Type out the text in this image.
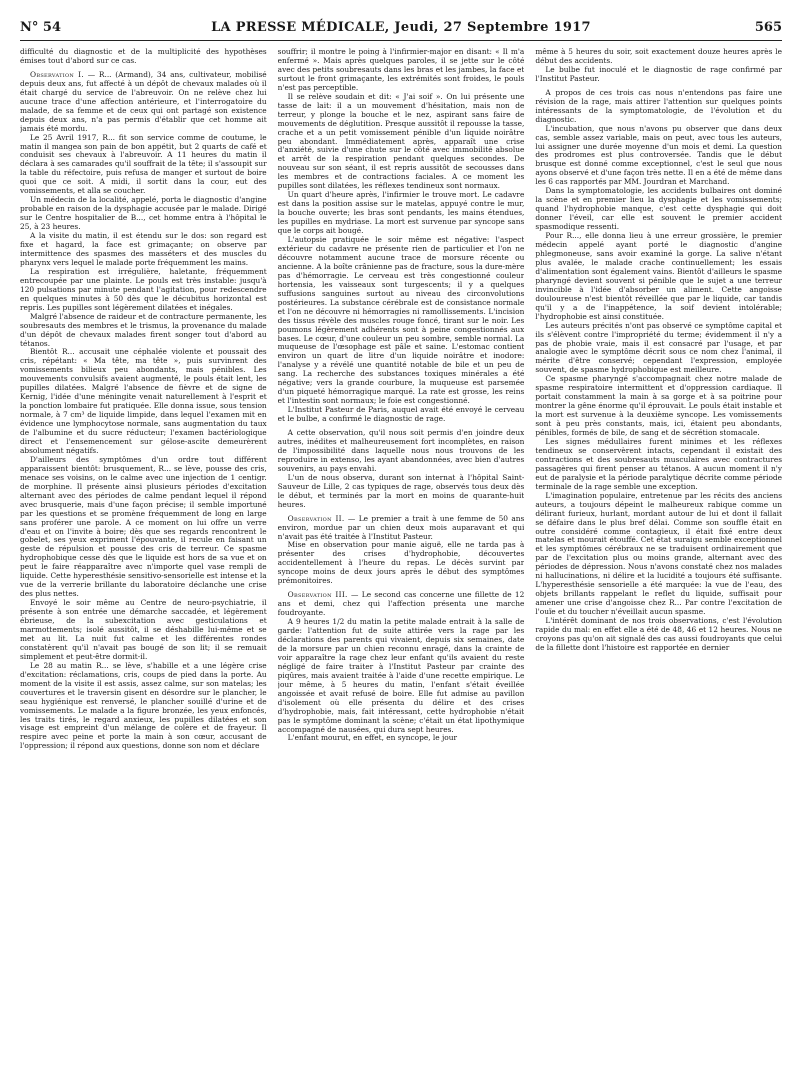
N° 54	LA PRESSE MÉDICALE, Jeudi, 27 Septembre 1917	565

difficulté du diagnostic et de la multiplicité des hypothèses émises tout d'abord sur ce cas.

Observation I. — R... (Armand), 34 ans, cultivateur, mobilisé depuis deux ans, fut affecté à un dépôt de chevaux malades où il était chargé du service de l'abreuvoir. On ne relève chez lui aucune trace d'une affection antérieure, et l'interrogatoire du malade, de sa femme et de ceux qui ont partagé son existence depuis deux ans, n'a pas permis d'établir que cet homme ait jamais été mordu.

Le 25 Avril 1917, R... fit son service comme de coutume, le matin il mangea son pain de bon appétit, but 2 quarts de café et conduisit ses chevaux à l'abreuvoir. A 11 heures du matin il déclara à ses camarades qu'il souffrait de la tête; il s'assoupit sur la table du réfectoire, puis refusa de manger et surtout de boire quoi que ce soit. A midi, il sortit dans la cour, eut des vomissements, et alla se coucher.

Un médecin de la localité, appelé, porta le diagnostic d'angine probable en raison de la dysphagie accusée par le malade. Dirigé sur le Centre hospitalier de B..., cet homme entra à l'hôpital le 25, à 23 heures.

A la visite du matin, il est étendu sur le dos: son regard est fixe et hagard, la face est grimaçante; on observe par intermittence des spasmes des masséters et des muscles du pharynx vers lequel le malade porte fréquemment les mains.

La respiration est irrégulière, haletante, fréquemment entrecoupée par une plainte. Le pouls est très instable: jusqu'à 120 pulsations par minute pendant l'agitation, pour redescendre en quelques minutes à 50 dès que le décubitus horizontal est repris. Les pupilles sont légèrement dilatées et inégales.

Malgré l'absence de raideur et de contracture permanente, les soubresauts des membres et le trismus, la provenance du malade d'un dépôt de chevaux malades firent songer tout d'abord au tétanos.

Bientôt R... accusait une céphalée violente et poussait des cris, répétant: « Ma tête, ma tête », puis survinrent des vomissements bilieux peu abondants, mais pénibles. Les mouvements convulsifs avaient augmenté, le pouls était lent, les pupilles dilatées. Malgré l'absence de fièvre et de signe de Kernig, l'idée d'une méningite venait naturellement à l'esprit et la ponction lombaire fut pratiquée. Elle donna issue, sous tension normale, à 7 cm³ de liquide limpide, dans lequel l'examen mit en évidence une lymphocytose normale, sans augmentation du taux de l'albumine et du sucre réducteur; l'examen bactériologique direct et l'ensemencement sur gélose-ascite demeurèrent absolument négatifs.

D'ailleurs des symptômes d'un ordre tout différent apparaissent bientôt: brusquement, R... se lève, pousse des cris, menace ses voisins, on le calme avec une injection de 1 centigr. de morphine. Il présente ainsi plusieurs périodes d'excitation alternant avec des périodes de calme pendant lequel il répond avec brusquerie, mais d'une façon précise; il semble importuné par les questions et se promène fréquemment de long en large sans proférer une parole. A ce moment on lui offre un verre d'eau et on l'invite à boire; dès que ses regards rencontrent le gobelet, ses yeux expriment l'épouvante, il recule en faisant un geste de répulsion et pousse des cris de terreur. Ce spasme hydrophobique cesse dès que le liquide est hors de sa vue et on peut le faire réapparaître avec n'importe quel vase rempli de liquide. Cette hyperesthésie sensitivo-sensorielle est intense et la vue de la verrerie brillante du laboratoire déclanche une crise des plus nettes.

Envoyé le soir même au Centre de neuro-psychiatrie, il présente à son entrée une démarche saccadée, et légèrement ébrieuse, de la subexcitation avec gesticulations et marmottements; isolé aussitôt, il se déshabille lui-même et se met au lit. La nuit fut calme et les différentes rondes constatèrent qu'il n'avait pas bougé de son lit; il se remuait simplement et peut-être dormit-il.

Le 28 au matin R... se lève, s'habille et a une légère crise d'excitation: réclamations, cris, coups de pied dans la porte. Au moment de la visite il est assis, assez calme, sur son matelas; les couvertures et le traversin gisent en désordre sur le plancher, le seau hygiénique est renversé, le plancher souillé d'urine et de vomissements. Le malade a la figure bronzée, les yeux enfoncés, les traits tirés, le regard anxieux, les pupilles dilatées et son visage est empreint d'un mélange de colère et de frayeur. Il respire avec peine et porte la main à son cœur, accusant de l'oppression; il répond aux questions, donne son nom et déclare

souffrir; il montre le poing à l'infirmier-major en disant: « Il m'a enfermé ». Mais après quelques paroles, il se jette sur le côté avec des petits soubresauts dans les bras et les jambes, la face et surtout le front grimaçante, les extrémités sont froides, le pouls n'est pas perceptible.

Il se relève soudain et dit: « J'ai soif ». On lui présente une tasse de lait: il a un mouvement d'hésitation, mais non de terreur, y plonge la bouche et le nez, aspirant sans faire de mouvements de déglutition. Presque aussitôt il repousse la tasse, crache et a un petit vomissement pénible d'un liquide noirâtre peu abondant. Immédiatement après, apparaît une crise d'anxiété, suivie d'une chute sur le côté avec immobilité absolue et arrêt de la respiration pendant quelques secondes. De nouveau sur son séant, il est repris aussitôt de secousses dans les membres et de contractions faciales. A ce moment les pupilles sont dilatées, les réflexes tendineux sont normaux.

Un quart d'heure après, l'infirmier le trouve mort. Le cadavre est dans la position assise sur le matelas, appuyé contre le mur, la bouche ouverte; les bras sont pendants, les mains étendues, les pupilles en mydriase. La mort est survenue par syncope sans que le corps ait bougé.

L'autopsie pratiquée le soir même est négative: l'aspect extérieur du cadavre ne présente rien de particulier et l'on ne découvre notamment aucune trace de morsure récente ou ancienne. A la boîte crânienne pas de fracture, sous la dure-mère pas d'hémorragie. Le cerveau est très congestionné couleur hortensia, les vaisseaux sont turgescents; il y a quelques suffusions sanguines surtout au niveau des circonvolutions postérieures. La substance cérébrale est de consistance normale et l'on ne découvre ni hémorragies ni ramollissements. L'incision des tissus révèle des muscles rouge foncé, tirant sur le noir. Les poumons légèrement adhérents sont à peine congestionnés aux bases. Le cœur, d'une couleur un peu sombre, semble normal. La muqueuse de l'œsophage est pâle et saine. L'estomac contient environ un quart de litre d'un liquide noirâtre et inodore: l'analyse y a révélé une quantité notable de bile et un peu de sang. La recherche des substances toxiques minérales a été négative; vers la grande courbure, la muqueuse est parsemée d'un piqueté hémorragique marqué. La rate est grosse, les reins et l'intestin sont normaux; le foie est congestionné.

L'Institut Pasteur de Paris, auquel avait été envoyé le cerveau et le bulbe, a confirmé le diagnostic de rage.

A cette observation, qu'il nous soit permis d'en joindre deux autres, inédites et malheureusement fort incomplètes, en raison de l'impossibilité dans laquelle nous nous trouvons de les reproduire in extenso, les ayant abandonnées, avec bien d'autres souvenirs, au pays envahi.

L'un de nous observa, durant son internat à l'hôpital Saint-Sauveur de Lille, 2 cas typiques de rage, observés tous deux dès le début, et terminés par la mort en moins de quarante-huit heures.

Observation II. — Le premier a trait à une femme de 50 ans environ, mordue par un chien deux mois auparavant et qui n'avait pas été traitée à l'Institut Pasteur.

Mise en observation pour manie aiguë, elle ne tarda pas à présenter des crises d'hydrophobie, découvertes accidentellement à l'heure du repas. Le décès survint par syncope moins de deux jours après le début des symptômes prémonitoires.

Observation III. — Le second cas concerne une fillette de 12 ans et demi, chez qui l'affection présenta une marche foudroyante.

A 9 heures 1/2 du matin la petite malade entrait à la salle de garde: l'attention fut de suite attirée vers la rage par les déclarations des parents qui vivaient, depuis six semaines, date de la morsure par un chien reconnu enragé, dans la crainte de voir apparaître la rage chez leur enfant qu'ils avaient du reste négligé de faire traiter à l'Institut Pasteur par crainte des piqûres, mais avaient traitée à l'aide d'une recette empirique. Le jour même, à 5 heures du matin, l'enfant s'était éveillée angoissée et avait refusé de boire. Elle fut admise au pavillon d'isolement où elle présenta du délire et des crises d'hydrophobie, mais, fait intéressant, cette hydrophobie n'était pas le symptôme dominant la scène; c'était un état lipothymique accompagné de nausées, qui dura sept heures.

L'enfant mourut, en effet, en syncope, le jour

même à 5 heures du soir, soit exactement douze heures après le début des accidents.

Le bulbe fut inoculé et le diagnostic de rage confirmé par l'Institut Pasteur.

A propos de ces trois cas nous n'entendons pas faire une révision de la rage, mais attirer l'attention sur quelques points intéressants de la symptomatologie, de l'évolution et du diagnostic.

L'incubation, que nous n'avons pu observer que dans deux cas, semble assez variable, mais on peut, avec tous les auteurs, lui assigner une durée moyenne d'un mois et demi. La question des prodromes est plus controversée. Tandis que le début brusque est donné comme exceptionnel, c'est le seul que nous ayons observé et d'une façon très nette. Il en a été de même dans les 6 cas rapportés par MM. Jourdran et Marchand.

Dans la symptomatologie, les accidents bulbaires ont dominé la scène et en premier lieu la dysphagie et les vomissements; quand l'hydrophobie manque, c'est cette dysphagie qui doit donner l'éveil, car elle est souvent le premier accident spasmodique ressenti.

Pour R..., elle donna lieu à une erreur grossière, le premier médecin appelé ayant porté le diagnostic d'angine phlegmoneuse, sans avoir examiné la gorge. La salive n'étant plus avalée, le malade crache continuellement; les essais d'alimentation sont également vains. Bientôt d'ailleurs le spasme pharyngé devient souvent si pénible que le sujet a une terreur invincible à l'idée d'absorber un aliment. Cette angoisse douloureuse n'est bientôt réveillée que par le liquide, car tandis qu'il y a de l'inappétence, la soif devient intolérable; l'hydrophobie est ainsi constituée.

Les auteurs précités n'ont pas observé ce symptôme capital et ils s'élèvent contre l'impropriété du terme; évidemment il n'y a pas de phobie vraie, mais il est consacré par l'usage, et par analogie avec le symptôme décrit sous ce nom chez l'animal, il mérite d'être conservé; cependant l'expression, employée souvent, de spasme hydrophobique est meilleure.

Ce spasme pharyngé s'accompagnait chez notre malade de spasme respiratoire intermittent et d'oppression cardiaque. Il portait constamment la main à sa gorge et à sa poitrine pour montrer la gêne énorme qu'il éprouvait. Le pouls était instable et la mort est survenue à la deuxième syncope. Les vomissements sont à peu près constants, mais, ici, étaient peu abondants, pénibles, formés de bile, de sang et de sécrétion stomacale.

Les signes médullaires furent minimes et les réflexes tendineux se conservèrent intacts, cependant il existait des contractions et des soubresauts musculaires avec contractures passagères qui firent penser au tétanos. A aucun moment il n'y eut de paralysie et la période paralytique décrite comme période terminale de la rage semble une exception.

L'imagination populaire, entretenue par les récits des anciens auteurs, a toujours dépeint le malheureux rabique comme un délirant furieux, hurlant, mordant autour de lui et dont il fallait se défaire dans le plus bref délai. Comme son souffle était en outre considéré comme contagieux, il était fixé entre deux matelas et mourait étouffé. Cet état suraigu semble exceptionnel et les symptômes cérébraux ne se traduisent ordinairement que par de l'excitation plus ou moins grande, alternant avec des périodes de dépression. Nous n'avons constaté chez nos malades ni hallucinations, ni délire et la lucidité a toujours été suffisante. L'hyperesthésie sensorielle a été marquée: la vue de l'eau, des objets brillants rappelant le reflet du liquide, suffisait pour amener une crise d'angoisse chez R... Par contre l'excitation de l'ouïe et du toucher n'éveillait aucun spasme.

L'intérêt dominant de nos trois observations, c'est l'évolution rapide du mal: en effet elle a été de 48, 46 et 12 heures. Nous ne croyons pas qu'on ait signalé des cas aussi foudroyants que celui de la fillette dont l'histoire est rapportée en dernier
